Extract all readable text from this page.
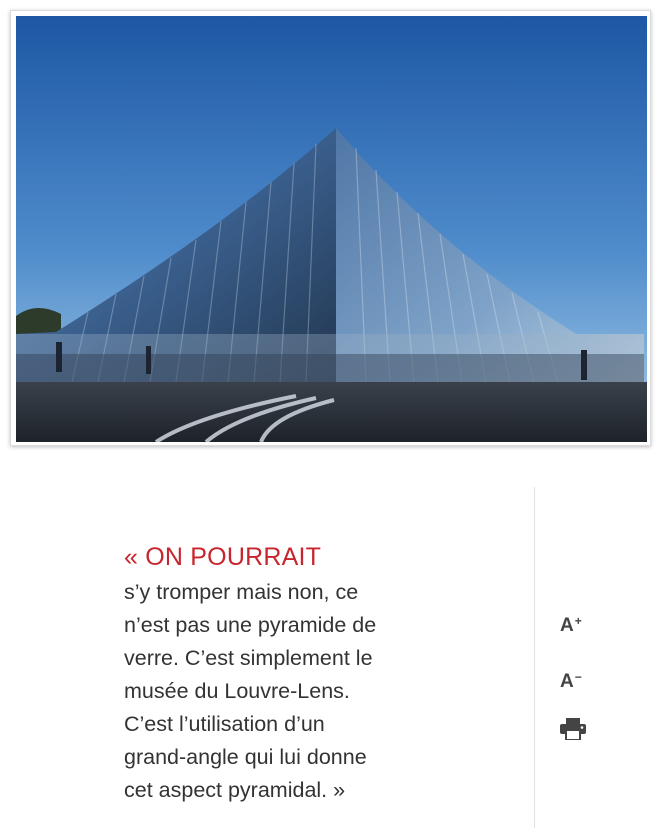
« ON POURRAIT
s’y tromper mais non, ce
n’est pas une pyramide de
verre. C’est simplement le
musée du Louvre-Lens.
C’est l’utilisation d’un
grand-angle qui lui donne
cet aspect pyramidal. »
A+
A−
